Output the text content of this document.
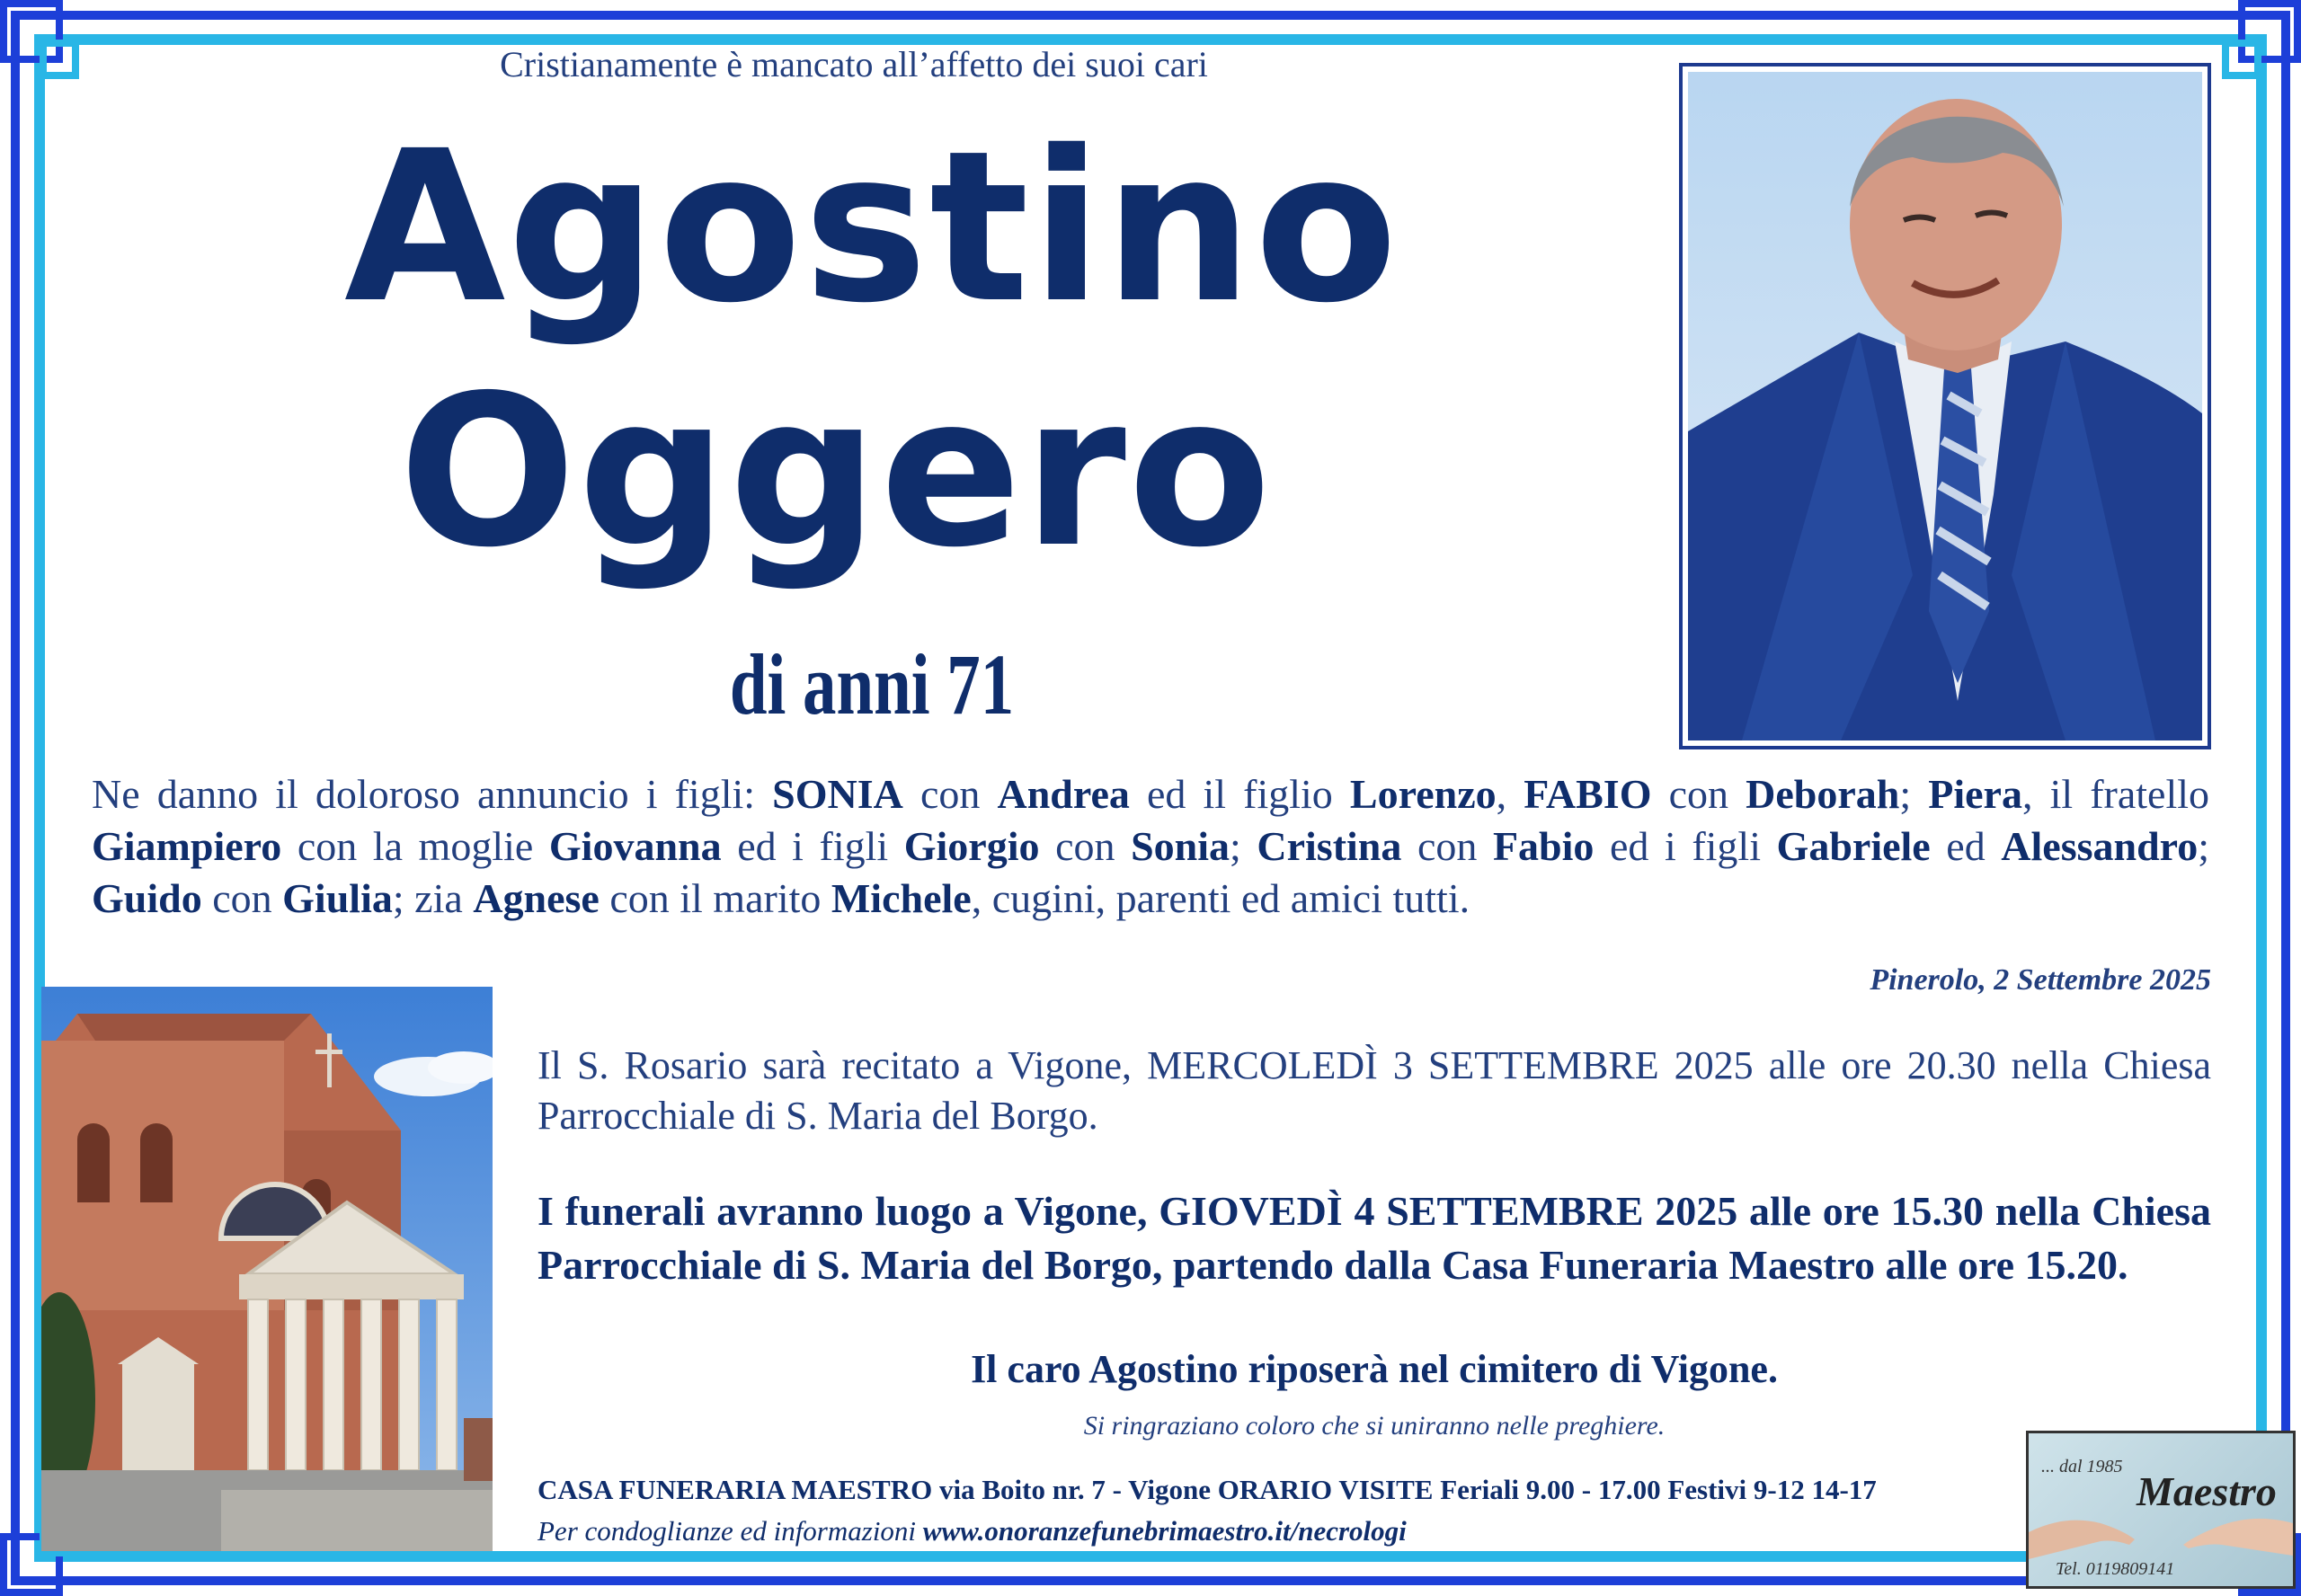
Cristianamente è mancato all’affetto dei suoi cari
Agostino
Oggero
di anni 71
Ne danno il doloroso annuncio i figli: SONIA con Andrea ed il figlio Lorenzo, FABIO con Deborah; Piera, il fratello Giampiero con la moglie Giovanna ed i figli Giorgio con Sonia; Cristina con Fabio ed i figli Gabriele ed Alessandro; Guido con Giulia; zia Agnese con il marito Michele, cugini, parenti ed amici tutti.
Pinerolo, 2 Settembre 2025
Il S. Rosario sarà recitato a Vigone, MERCOLEDÌ 3 SETTEMBRE 2025 alle ore 20.30 nella Chiesa Parrocchiale di S. Maria del Borgo.
I funerali avranno luogo a Vigone, GIOVEDÌ 4 SETTEMBRE 2025 alle ore 15.30 nella Chiesa Parrocchiale di S. Maria del Borgo, partendo dalla Casa Funeraria Maestro alle ore 15.20.
Il caro Agostino riposerà nel cimitero di Vigone.
Si ringraziano coloro che si uniranno nelle preghiere.
CASA FUNERARIA MAESTRO via Boito nr. 7 - Vigone ORARIO VISITE Feriali 9.00 - 17.00 Festivi 9-12 14-17
Per condoglianze ed informazioni www.onoranzefunebrimaestro.it/necrologi
... dal 1985
Maestro
Tel. 0119809141
